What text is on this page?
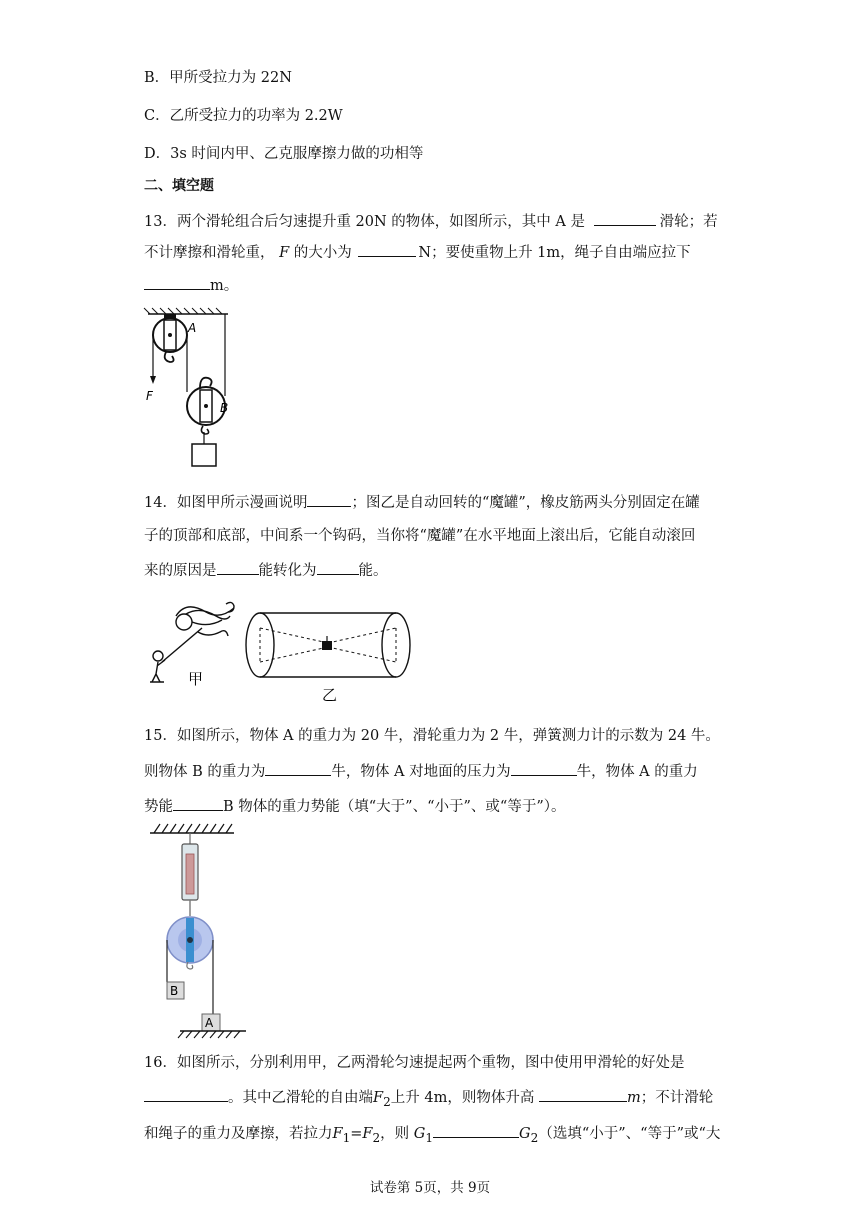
B．甲所受拉力为 22N
C．乙所受拉力的功率为 2.2W
D．3s 时间内甲、乙克服摩擦力做的功相等
二、填空题
13．两个滑轮组合后匀速提升重 20N 的物体，如图所示，其中 A 是	滑轮；若
不计摩擦和滑轮重， F 的大小为	N；要使重物上升 1m，绳子自由端应拉下
m。
A
F
B
14．如图甲所示漫画说明	；图乙是自动回转的“魔罐”，橡皮筋两头分别固定在罐
子的顶部和底部，中间系一个钩码，当你将“魔罐”在水平地面上滚出后，它能自动滚回
来的原因是	能转化为	能。
甲
乙
15．如图所示，物体 A 的重力为 20 牛，滑轮重力为 2 牛，弹簧测力计的示数为 24 牛。
则物体 B 的重力为	牛，物体 A 对地面的压力为	牛，物体 A 的重力
势能	B 物体的重力势能（填“大于”、“小于”、或“等于”）。
B
A
16．如图所示，分别利用甲，乙两滑轮匀速提起两个重物，图中使用甲滑轮的好处是
。其中乙滑轮的自由端$F_2$上升 4m，则物体升高	m；不计滑轮
和绳子的重力及摩擦，若拉力$F_1=F_2$，则 $G_1$	$G_2$（选填“小于”、“等于”或“大
试卷第 5页，共 9页
